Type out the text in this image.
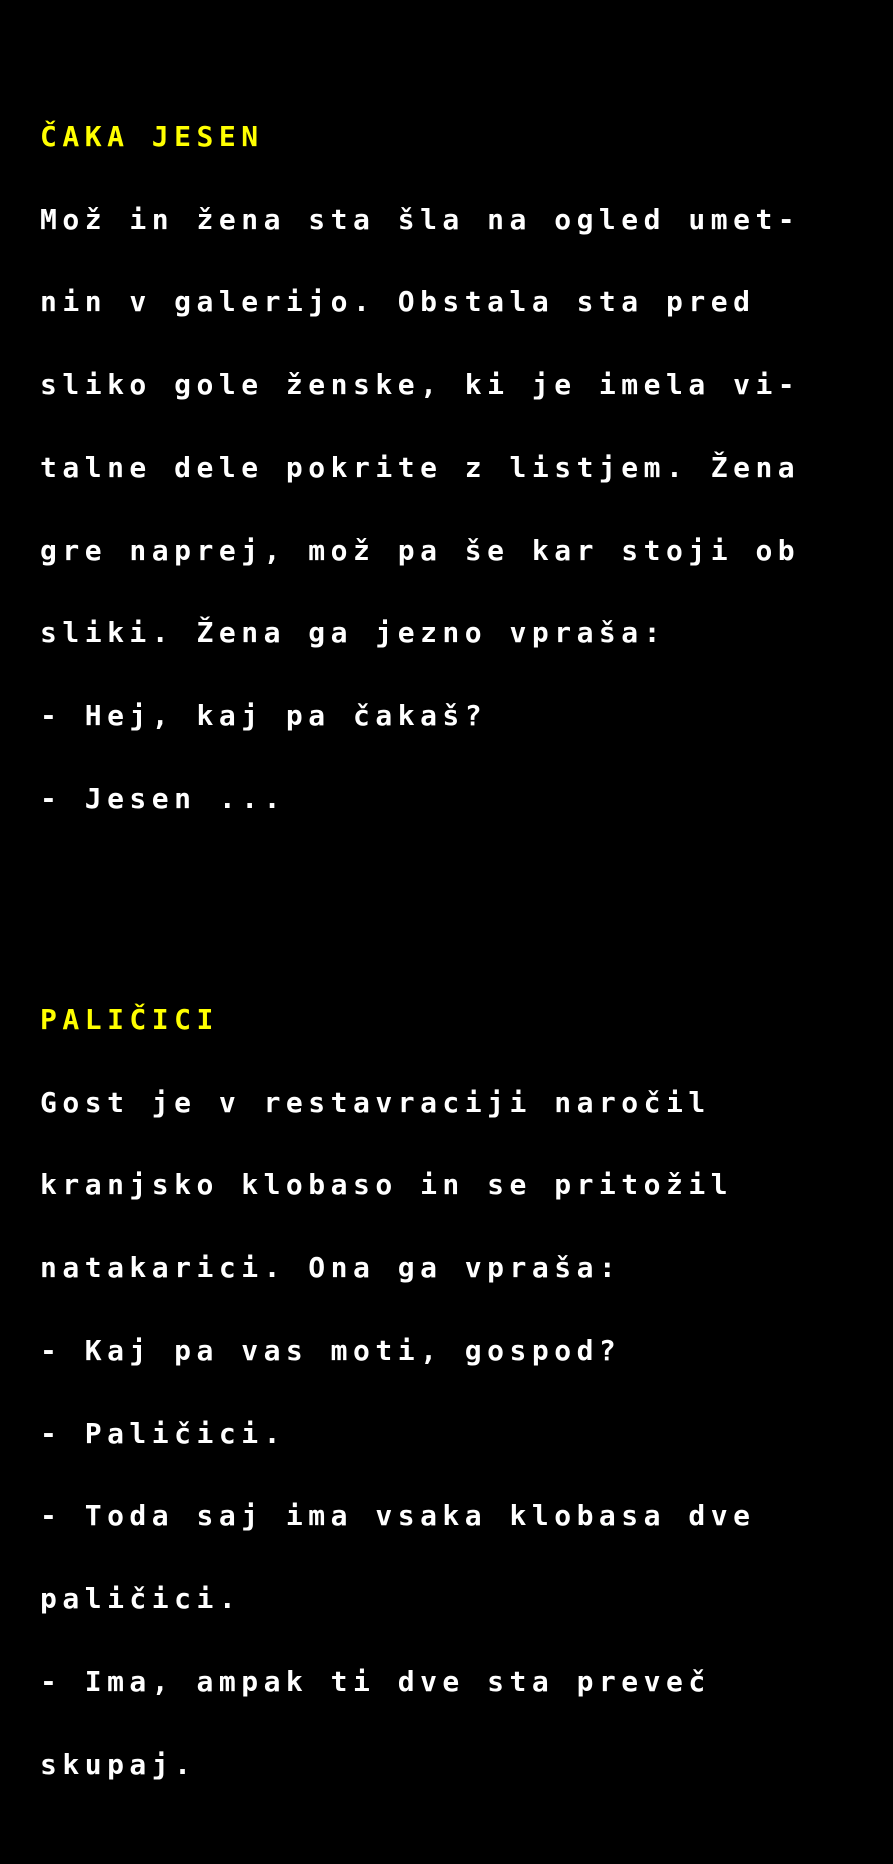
ČAKA JESEN

Mož in žena sta šla na ogled umet-

nin v galerijo. Obstala sta pred

sliko gole ženske, ki je imela vi-

talne dele pokrite z listjem. Žena

gre naprej, mož pa še kar stoji ob

sliki. Žena ga jezno vpraša:

- Hej, kaj pa čakaš?

- Jesen ...

PALIČICI

Gost je v restavraciji naročil

kranjsko klobaso in se pritožil

natakarici. Ona ga vpraša:

- Kaj pa vas moti, gospod?

- Paličici.

- Toda saj ima vsaka klobasa dve

paličici.

- Ima, ampak ti dve sta preveč

skupaj.
